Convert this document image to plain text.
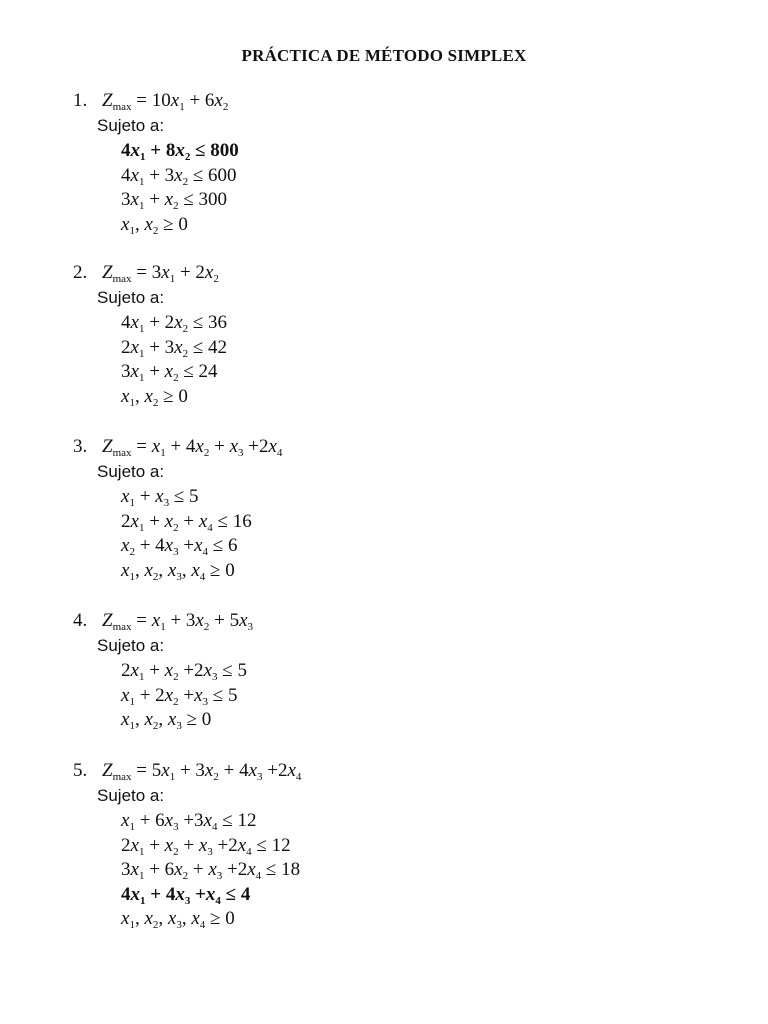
PRÁCTICA DE MÉTODO SIMPLEX
1. $Z_{max} = 10x_1 + 6x_2$
Sujeto a:
$4x_1 + 8x_2 \le 800$
$4x_1 + 3x_2 \le 600$
$3x_1 + x_2 \le 300$
$x_1$, $x_2 \ge 0$
2. $Z_{max} = 3x_1 + 2x_2$
Sujeto a:
$4x_1 + 2x_2 \le 36$
$2x_1 + 3x_2 \le 42$
$3x_1 + x_2 \le 24$
$x_1$, $x_2 \ge 0$
3. $Z_{max} = x_1 + 4x_2 + x_3 +2x_4$
Sujeto a:
$x_1 + x_3 \le 5$
$2x_1 + x_2 + x_4 \le 16$
$x_2 + 4x_3 +x_4 \le 6$
$x_1$, $x_2$, $x_3$, $x_4 \ge 0$
4. $Z_{max} = x_1 + 3x_2 + 5x_3$
Sujeto a:
$2x_1 + x_2 +2x_3 \le 5$
$x_1 + 2x_2 +x_3 \le 5$
$x_1$, $x_2$, $x_3 \ge 0$
5. $Z_{max} = 5x_1 + 3x_2 + 4x_3 +2x_4$
Sujeto a:
$x_1 + 6x_3 +3x_4 \le 12$
$2x_1 + x_2 + x_3 +2x_4 \le 12$
$3x_1 + 6x_2 + x_3 +2x_4 \le 18$
$4x_1 + 4x_3 +x_4 \le 4$
$x_1$, $x_2$, $x_3$, $x_4 \ge 0$
